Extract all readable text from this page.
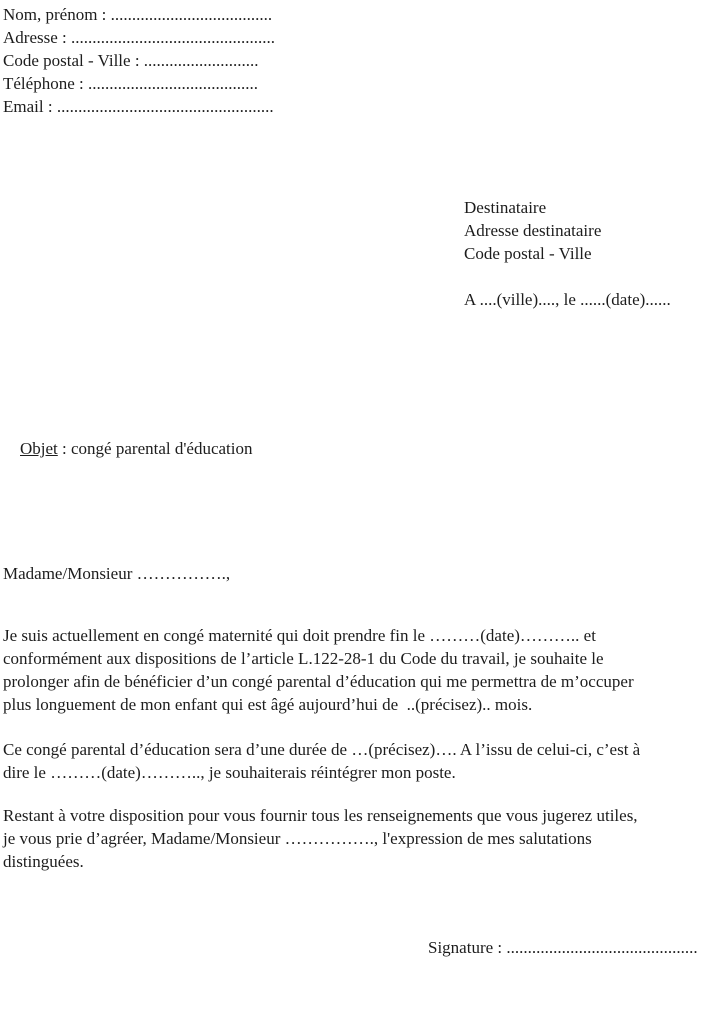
Nom, prénom : ......................................
Adresse : ................................................
Code postal - Ville : ...........................
Téléphone : ........................................
Email : ...................................................
Destinataire
Adresse destinataire
Code postal - Ville
A ....(ville)...., le ......(date)......

Objet : congé parental d'éducation

Madame/Monsieur …………….,
Je suis actuellement en congé maternité qui doit prendre fin le ………(date)……….. et
conformément aux dispositions de l’article L.122-28-1 du Code du travail, je souhaite le
prolonger afin de bénéficier d’un congé parental d’éducation qui me permettra de m’occuper
plus longuement de mon enfant qui est âgé aujourd’hui de  ..(précisez).. mois.
Ce congé parental d’éducation sera d’une durée de …(précisez)…. A l’issu de celui-ci, c’est à
dire le ………(date)……….., je souhaiterais réintégrer mon poste.
Restant à votre disposition pour vous fournir tous les renseignements que vous jugerez utiles,
je vous prie d’agréer, Madame/Monsieur ……………., l'expression de mes salutations
distinguées.
Signature : .............................................
